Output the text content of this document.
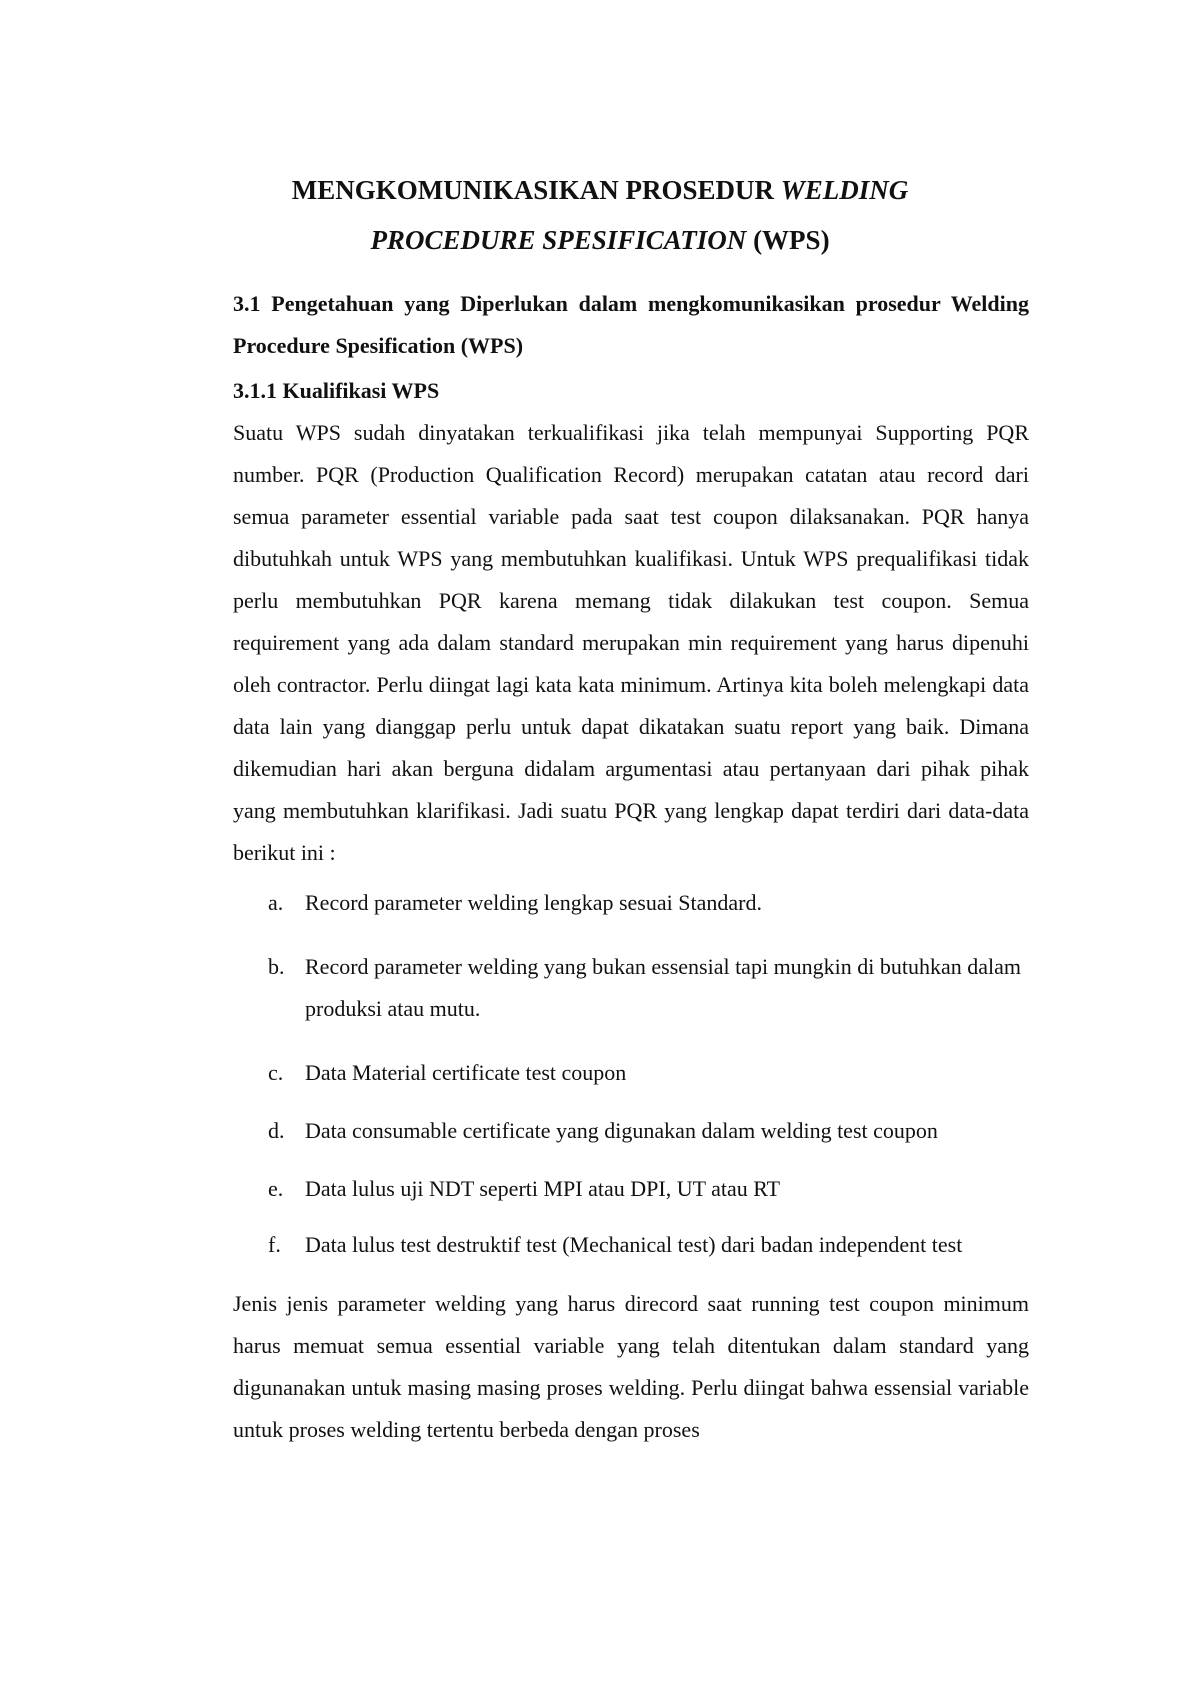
MENGKOMUNIKASIKAN PROSEDUR WELDING
PROCEDURE SPESIFICATION (WPS)
3.1 Pengetahuan yang Diperlukan dalam mengkomunikasikan prosedur Welding Procedure Spesification (WPS)
3.1.1 Kualifikasi WPS

Suatu WPS sudah dinyatakan terkualifikasi jika telah mempunyai Supporting PQR number. PQR (Production Qualification Record) merupakan catatan atau record dari semua parameter essential variable pada saat test coupon dilaksanakan. PQR hanya dibutuhkah untuk WPS yang membutuhkan kualifikasi. Untuk WPS prequalifikasi tidak perlu membutuhkan PQR karena memang tidak dilakukan test coupon. Semua requirement yang ada dalam standard merupakan min requirement yang harus dipenuhi oleh contractor. Perlu diingat lagi kata kata minimum. Artinya kita boleh melengkapi data data lain yang dianggap perlu untuk dapat dikatakan suatu report yang baik. Dimana dikemudian hari akan berguna didalam argumentasi atau pertanyaan dari pihak pihak yang membutuhkan klarifikasi. Jadi suatu PQR yang lengkap dapat terdiri dari data-data berikut ini :

a. Record parameter welding lengkap sesuai Standard.
b. Record parameter welding yang bukan essensial tapi mungkin di butuhkan dalam produksi atau mutu.
c. Data Material certificate test coupon
d. Data consumable certificate yang digunakan dalam welding test coupon
e. Data lulus uji NDT seperti MPI atau DPI, UT atau RT
f. Data lulus test destruktif test (Mechanical test) dari badan independent test

Jenis jenis parameter welding yang harus direcord saat running test coupon minimum harus memuat semua essential variable yang telah ditentukan dalam standard yang digunanakan untuk masing masing proses welding. Perlu diingat bahwa essensial variable untuk proses welding tertentu berbeda dengan proses
